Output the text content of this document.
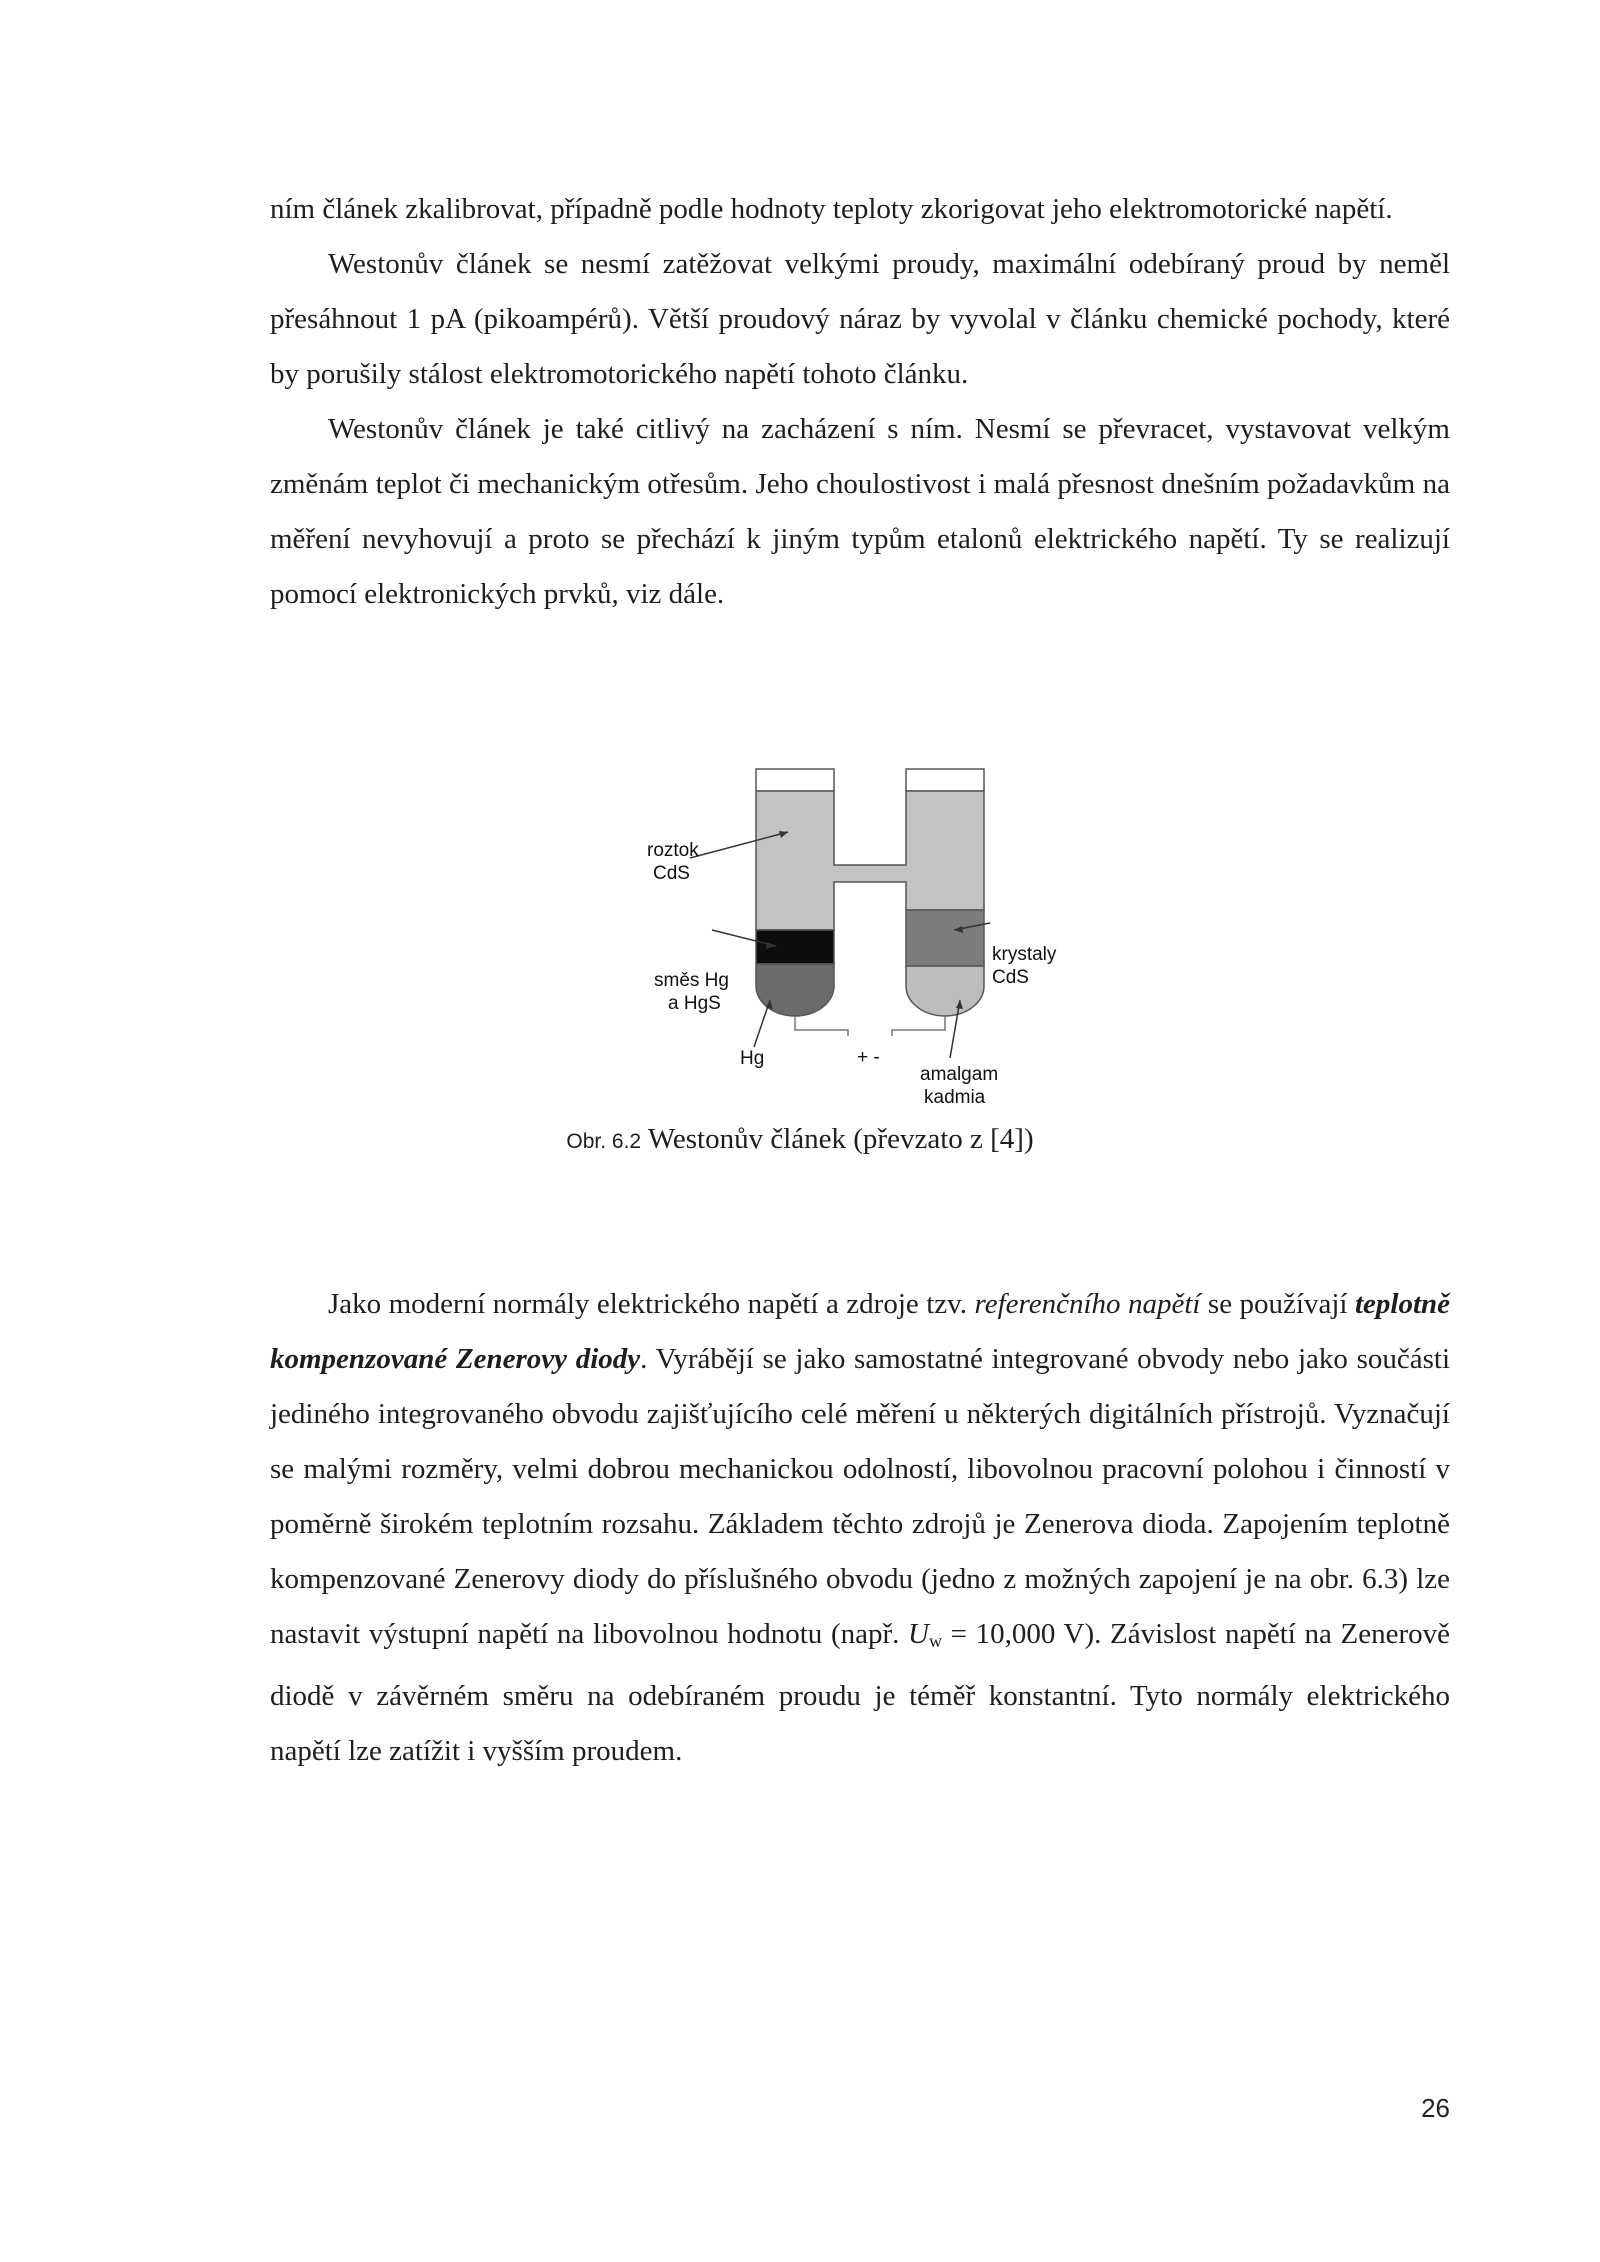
ním článek zkalibrovat, případně podle hodnoty teploty zkorigovat jeho elektromotorické napětí.

Westonův článek se nesmí zatěžovat velkými proudy, maximální odebíraný proud by neměl přesáhnout 1 pA (pikoampérů). Větší proudový náraz by vyvolal v článku chemické pochody, které by porušily stálost elektromotorického napětí tohoto článku.

Westonův článek je také citlivý na zacházení s ním. Nesmí se převracet, vystavovat velkým změnám teplot či mechanickým otřesům. Jeho choulostivost i malá přesnost dnešním požadavkům na měření nevyhovují a proto se přechází k jiným typům etalonů elektrického napětí. Ty se realizují pomocí elektronických prvků, viz dále.

roztok
CdS
směs Hg
a HgS
Hg	+ -
krystaly
CdS
amalgam
kadmia
Obr. 6.2 Westonův článek (převzato z [4])

Jako moderní normály elektrického napětí a zdroje tzv. referenčního napětí se používají teplotně kompenzované Zenerovy diody. Vyrábějí se jako samostatné integrované obvody nebo jako součásti jediného integrovaného obvodu zajišťujícího celé měření u některých digitálních přístrojů. Vyznačují se malými rozměry, velmi dobrou mechanickou odolností, libovolnou pracovní polohou i činností v poměrně širokém teplotním rozsahu. Základem těchto zdrojů je Zenerova dioda. Zapojením teplotně kompenzované Zenerovy diody do příslušného obvodu (jedno z možných zapojení je na obr. 6.3) lze nastavit výstupní napětí na libovolnou hodnotu (např. $U_w = 10,000$ V). Závislost napětí na Zenerově diodě v závěrném směru na odebíraném proudu je téměř konstantní. Tyto normály elektrického napětí lze zatížit i vyšším proudem.

26
